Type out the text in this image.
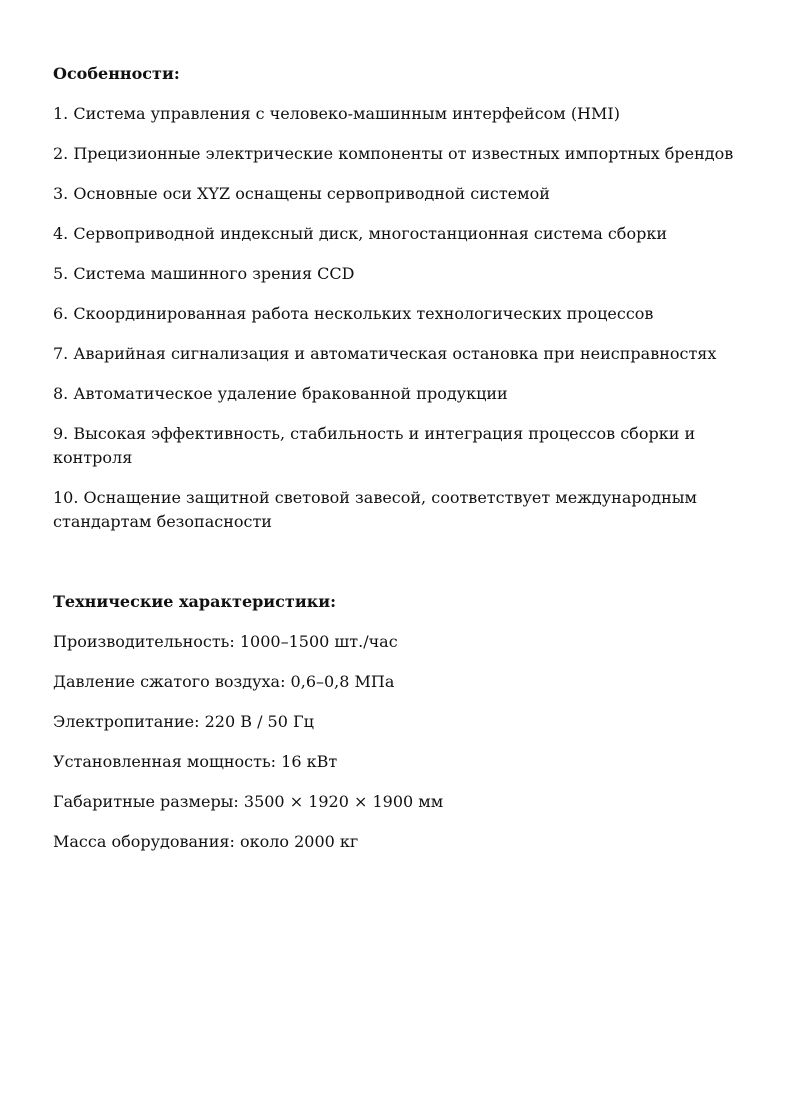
Особенности:
1. Система управления с человеко-машинным интерфейсом (HMI)
2. Прецизионные электрические компоненты от известных импортных брендов
3. Основные оси XYZ оснащены сервоприводной системой
4. Сервоприводной индексный диск, многостанционная система сборки
5. Система машинного зрения CCD
6. Скоординированная работа нескольких технологических процессов
7. Аварийная сигнализация и автоматическая остановка при неисправностях
8. Автоматическое удаление бракованной продукции
9. Высокая эффективность, стабильность и интеграция процессов сборки и контроля
10. Оснащение защитной световой завесой, соответствует международным стандартам безопасности
Технические характеристики:
Производительность: 1000–1500 шт./час
Давление сжатого воздуха: 0,6–0,8 МПа
Электропитание: 220 В / 50 Гц
Установленная мощность: 16 кВт
Габаритные размеры: 3500 × 1920 × 1900 мм
Масса оборудования: около 2000 кг
